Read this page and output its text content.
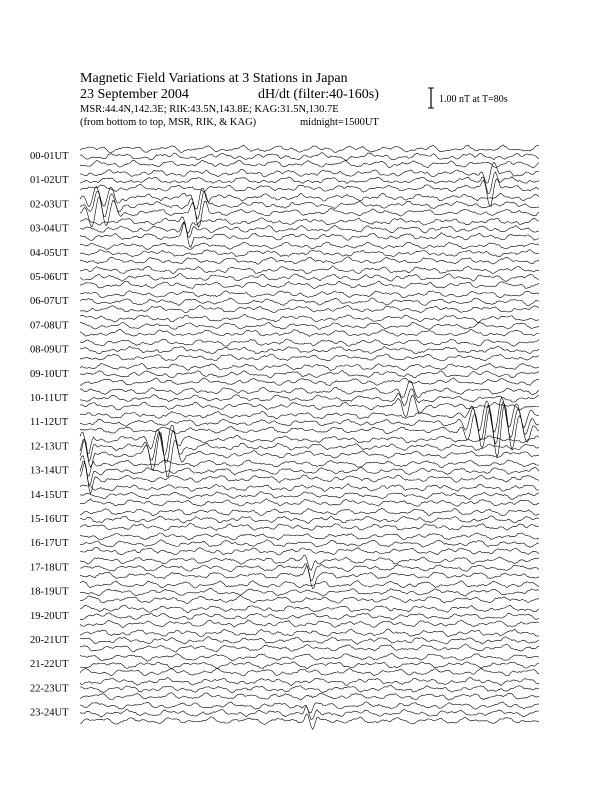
Magnetic Field Variations at 3 Stations in Japan
23 September 2004	dH/dt (filter:40-160s)
MSR:44.4N,142.3E; RIK:43.5N,143.8E; KAG:31.5N,130.7E
(from bottom to top, MSR, RIK, & KAG)	midnight=1500UT
1.00 nT at T=80s
00-01UT
01-02UT
02-03UT
03-04UT
04-05UT
05-06UT
06-07UT
07-08UT
08-09UT
09-10UT
10-11UT
11-12UT
12-13UT
13-14UT
14-15UT
15-16UT
16-17UT
17-18UT
18-19UT
19-20UT
20-21UT
21-22UT
22-23UT
23-24UT
